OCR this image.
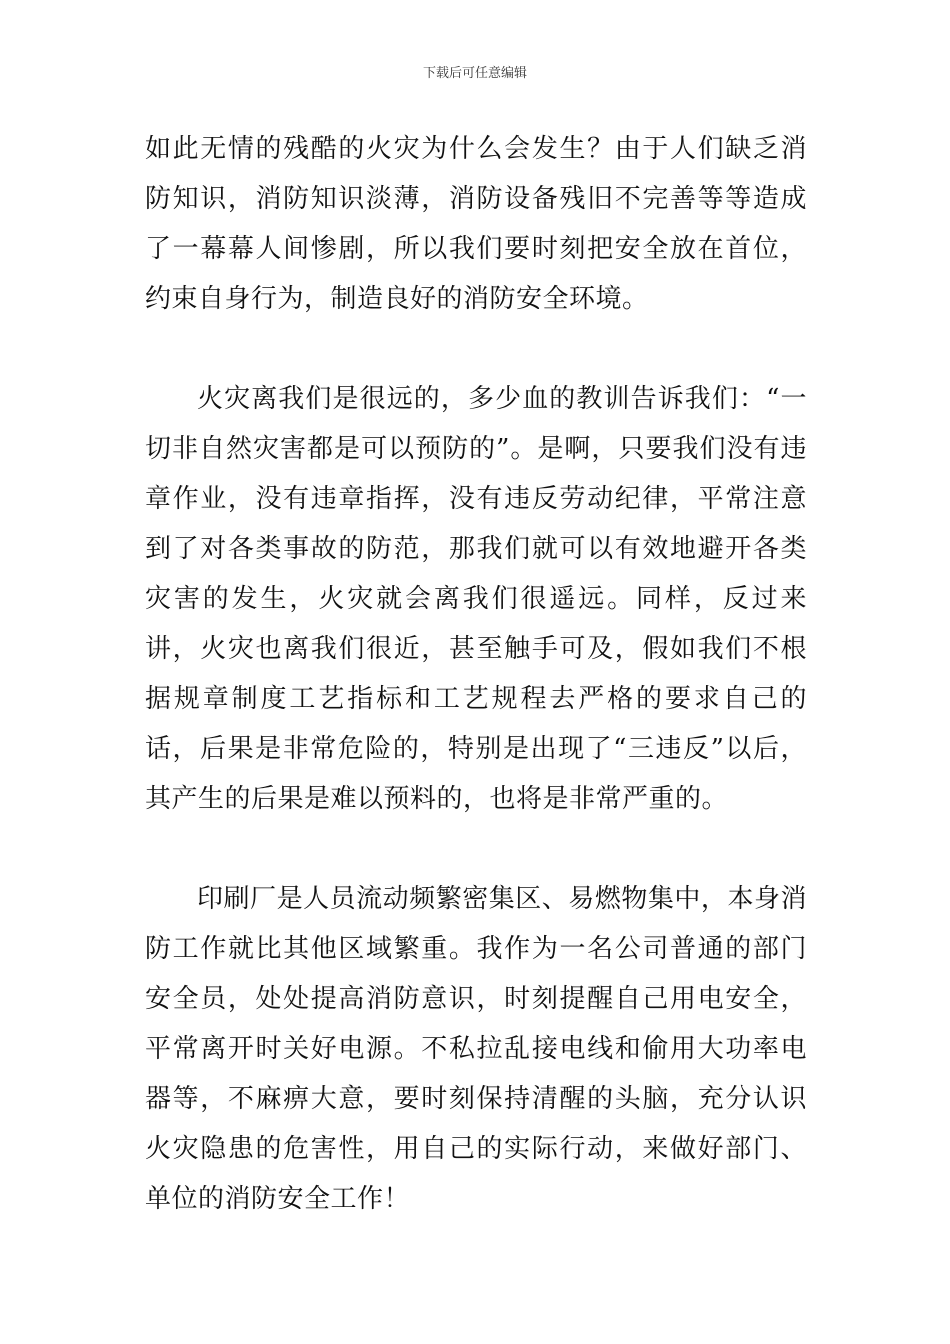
下载后可任意编辑

如此无情的残酷的火灾为什么会发生？由于人们缺乏消防知识，消防知识淡薄，消防设备残旧不完善等等造成了一幕幕人间惨剧，所以我们要时刻把安全放在首位，约束自身行为，制造良好的消防安全环境。

火灾离我们是很远的，多少血的教训告诉我们：“一切非自然灾害都是可以预防的”。是啊，只要我们没有违章作业，没有违章指挥，没有违反劳动纪律，平常注意到了对各类事故的防范，那我们就可以有效地避开各类灾害的发生，火灾就会离我们很遥远。同样，反过来讲，火灾也离我们很近，甚至触手可及，假如我们不根据规章制度工艺指标和工艺规程去严格的要求自己的话，后果是非常危险的，特别是出现了“三违反”以后，其产生的后果是难以预料的，也将是非常严重的。

印刷厂是人员流动频繁密集区、易燃物集中，本身消防工作就比其他区域繁重。我作为一名公司普通的部门安全员，处处提高消防意识，时刻提醒自己用电安全，平常离开时关好电源。不私拉乱接电线和偷用大功率电器等，不麻痹大意，要时刻保持清醒的头脑，充分认识火灾隐患的危害性，用自己的实际行动，来做好部门、单位的消防安全工作！
